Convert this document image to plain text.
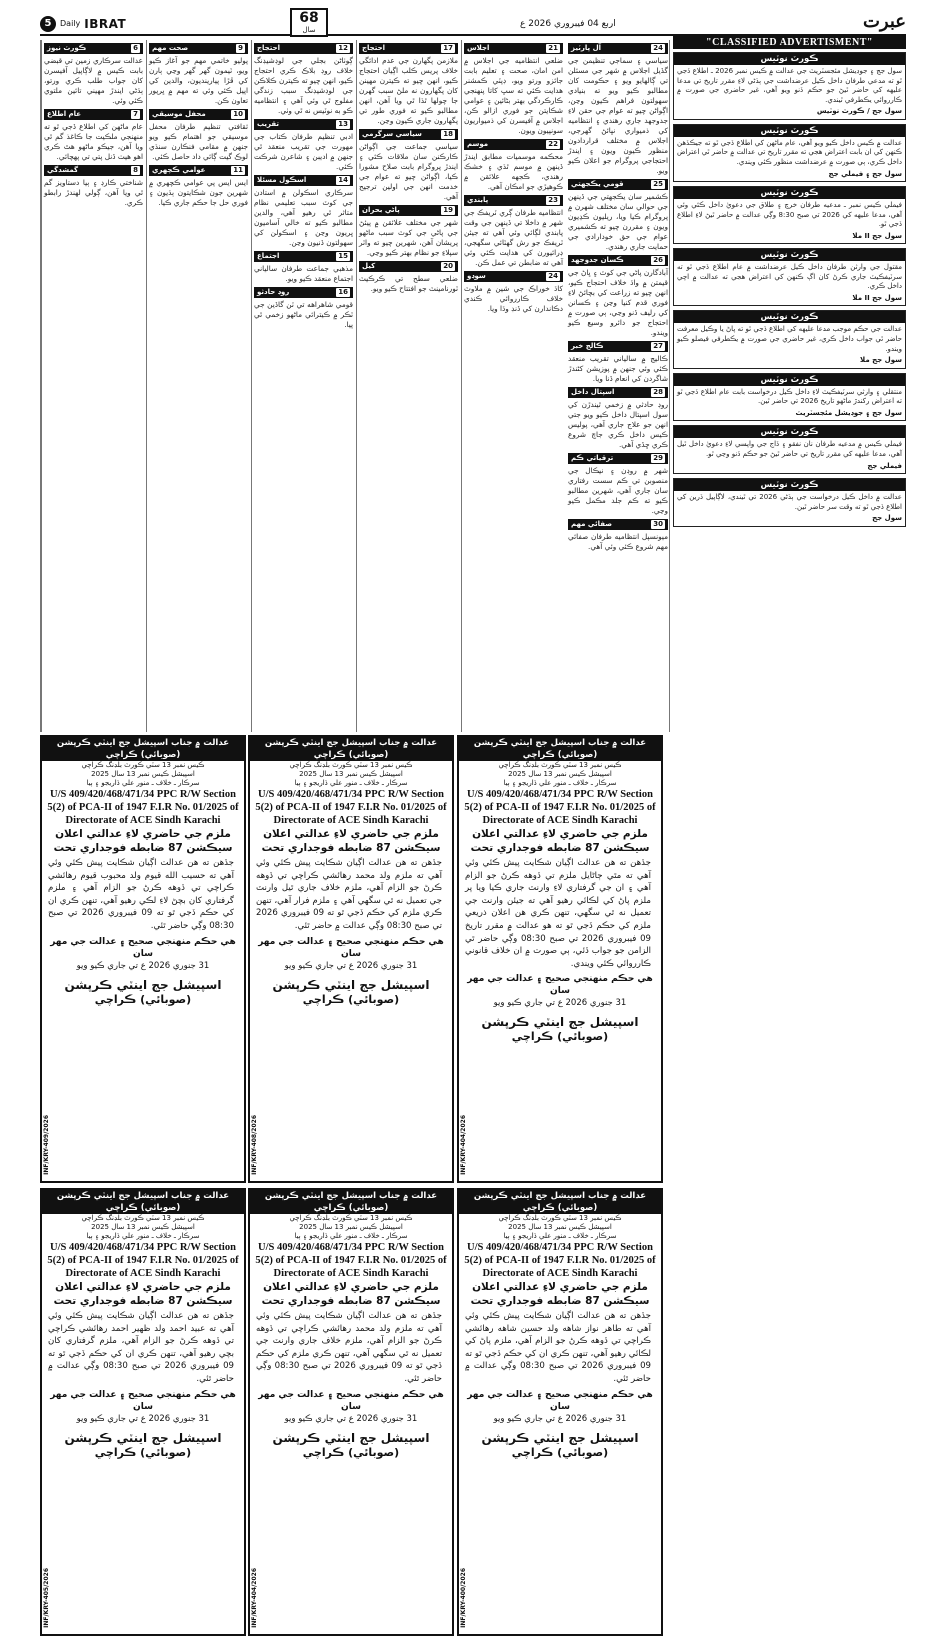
5	Daily IBRAT	68
سال
اربع 04 فيبروري 2026 ع	عبرت
"CLASSIFIED ADVERTISMENT"
24
آل پارٽيز
سياسي ۽ سماجي تنظيمن جي گڏيل اجلاس ۾ شهر جي مسئلن تي ڳالهايو ويو ۽ حڪومت کان مطالبو ڪيو ويو ته بنيادي سهولتون فراهم ڪيون وڃن، اڳواڻن چيو ته عوام جي حقن لاءِ جدوجهد جاري رهندي ۽ انتظاميه کي ذميواري نڀائڻ گهرجي، اجلاس ۾ مختلف قراردادون منظور ڪيون ويون ۽ ايندڙ احتجاجي پروگرام جو اعلان ڪيو ويو.
25
قومي يڪجهتي
ڪشمير سان يڪجهتي جي ڏينهن جي حوالي سان مختلف شهرن ۾ پروگرام ڪيا ويا، ريليون ڪڍيون ويون ۽ مقررن چيو ته ڪشميري عوام جي حق خودارادي جي حمايت جاري رهندي.
26
ڪسان جدوجهد
آبادگارن پاڻي جي کوٽ ۽ ڀاڻ جي قيمتن ۾ واڌ خلاف احتجاج ڪيو، انهن چيو ته زراعت کي بچائڻ لاءِ فوري قدم کنيا وڃن ۽ ڪسانن کي رليف ڏنو وڃي، ٻي صورت ۾ احتجاج جو دائرو وسيع ڪيو ويندو.
27
ڪالج خبر
ڪاليج ۾ سالياني تقريب منعقد ڪئي وئي جنهن ۾ پوزيشن کڻندڙ شاگردن کي انعام ڏنا ويا.
28
اسپتال داخل
روڊ حادثي ۾ زخمي ٿيندڙن کي سول اسپتال داخل ڪيو ويو جتي انهن جو علاج جاري آهي، پوليس ڪيس داخل ڪري جاچ شروع ڪري ڇڏي آهي.
29
ترقياتي ڪم
شهر ۾ روڊن ۽ نيڪال جي منصوبن تي ڪم سست رفتاري سان جاري آهي، شهرين مطالبو ڪيو ته ڪم جلد مڪمل ڪيو وڃي.
30
صفائي مهم
ميونسپل انتظاميه طرفان صفائي مهم شروع ڪئي وئي آهي.
21
اجلاس
ضلعي انتظاميه جي اجلاس ۾ امن امان، صحت ۽ تعليم بابت جائزو ورتو ويو، ڊپٽي ڪمشنر هدايت ڪئي ته سڀ کاتا پنهنجي ڪارڪردگي بهتر بڻائين ۽ عوامي شڪايتن جو فوري ازالو ڪن، اجلاس ۾ آفيسرن کي ذميواريون سونپيون ويون.
22
موسم
محڪمه موسميات مطابق ايندڙ ڏينهن ۾ موسم ٿڌي ۽ خشڪ رهندي، ڪجهه علائقن ۾ ڪوهيڙي جو امڪان آهي.
23
پابندي
انتظاميه طرفان ڳري ٽريفڪ جي شهر ۾ داخلا تي ڏينهن جي وقت پابندي لڳائي وئي آهي ته جيئن ٽريفڪ جو رش گهٽائي سگهجي، ڊرائيورن کي هدايت ڪئي وئي آهي ته ضابطن تي عمل ڪن.
24
سوڊو
کاڌ خوراڪ جي شين ۾ ملاوٽ خلاف ڪارروائي ڪندي دڪاندارن کي ڏنڊ وڌا ويا.
17
احتجاج
ملازمن پگهارن جي عدم ادائگي خلاف پريس ڪلب اڳيان احتجاج ڪيو، انهن چيو ته ڪيترن مهينن کان پگهارون نه ملڻ سبب گهرن جا چولها ٿڌا ٿي ويا آهن، انهن مطالبو ڪيو ته فوري طور تي پگهارون جاري ڪيون وڃن.
18
سياسي سرگرمي
سياسي جماعت جي اڳواڻن ڪارڪنن سان ملاقات ڪئي ۽ ايندڙ پروگرام بابت صلاح مشورا ڪيا، اڳواڻن چيو ته عوام جي خدمت انهن جي اولين ترجيح آهي.
19
پاڻي بحران
شهر جي مختلف علائقن ۾ پيئڻ جي پاڻي جي کوٽ سبب ماڻهو پريشان آهن، شهرين چيو ته واٽر سپلاءِ جو نظام بهتر ڪيو وڃي.
20
کيل
ضلعي سطح تي ڪرڪيٽ ٽورنامينٽ جو افتتاح ڪيو ويو.
12
احتجاج
ڳوٺاڻن بجلي جي لوڊشيڊنگ خلاف روڊ بلاڪ ڪري احتجاج ڪيو، انهن چيو ته ڪيترن ڪلاڪن جي لوڊشيڊنگ سبب زندگي مفلوج ٿي وئي آهي ۽ انتظاميه ڪو به نوٽيس نه ٿي وٺي.
13
تقريب
ادبي تنظيم طرفان ڪتاب جي مهورت جي تقريب منعقد ٿي جنهن ۾ اديبن ۽ شاعرن شرڪت ڪئي.
14
اسڪول مسئلا
سرڪاري اسڪولن ۾ استادن جي کوٽ سبب تعليمي نظام متاثر ٿي رهيو آهي، والدين مطالبو ڪيو ته خالي آساميون ڀريون وڃن ۽ اسڪولن کي سهولتون ڏنيون وڃن.
15
اجتماع
مذهبي جماعت طرفان سالياني اجتماع منعقد ڪيو ويو.
16
روڊ حادثو
قومي شاهراهه تي ٽن گاڏين جي ٽڪر ۾ ڪيترائي ماڻهو زخمي ٿي پيا.
9
صحت مهم
پوليو خاتمي مهم جو آغاز ڪيو ويو، ٽيمون گهر گهر وڃي ٻارن کي ڦڙا پيارينديون، والدين کي اپيل ڪئي وئي ته مهم ۾ ڀرپور تعاون ڪن.
10
محفل موسيقي
ثقافتي تنظيم طرفان محفل موسيقي جو اهتمام ڪيو ويو جنهن ۾ مقامي فنڪارن سنڌي لوڪ گيت ڳائي داد حاصل ڪئي.
11
عوامي ڪچهري
ايس ايس پي عوامي ڪچهري ۾ شهرين جون شڪايتون ٻڌيون ۽ فوري حل جا حڪم جاري ڪيا.
6
ڪورٽ نيوز
عدالت سرڪاري زمين تي قبضي بابت ڪيس ۾ لاڳاپيل آفيسرن کان جواب طلب ڪري ورتو، ٻڌڻي ايندڙ مهيني تائين ملتوي ڪئي وئي.
7
عام اطلاع
عام ماڻهن کي اطلاع ڏجي ٿو ته منهنجي ملڪيت جا ڪاغذ گم ٿي ويا آهن، جيڪو ماڻهو هٿ ڪري اهو هيٺ ڏنل پتي تي پهچائي.
8
گمشدگي
شناختي ڪارڊ ۽ ٻيا دستاويز گم ٿي ويا آهن، ڳولي لهندڙ رابطو ڪري.
ڪورٽ نوٽيس
سول جج ۽ جوڊيشل مئجسٽريٽ جي عدالت ۾ ڪيس نمبر 2026 ـ اطلاع ڏجي ٿو ته مدعي طرفان داخل ڪيل عرضداشت جي ٻڌڻي لاءِ مقرر تاريخ تي مدعا عليهه کي حاضر ٿيڻ جو حڪم ڏنو ويو آهي، غير حاضري جي صورت ۾ ڪارروائي يڪطرفي ٿيندي.
سول جج / ڪورٽ نوٽيس
ڪورٽ نوٽيس
عدالت ۾ ڪيس داخل ڪيو ويو آهي، عام ماڻهن کي اطلاع ڏجي ٿو ته جيڪڏهن ڪنهن کي ان بابت اعتراض هجي ته مقرر تاريخ تي عدالت ۾ حاضر ٿي اعتراض داخل ڪري، ٻي صورت ۾ عرضداشت منظور ڪئي ويندي.
سول جج ۽ فيملي جج
ڪورٽ نوٽيس
فيملي ڪيس نمبر ـ مدعيه طرفان خرچ ۽ طلاق جي دعويٰ داخل ڪئي وئي آهي، مدعا عليهه کي 2026 تي صبح 8:30 وڳي عدالت ۾ حاضر ٿيڻ لاءِ اطلاع ڏجي ٿو.
سول جج II ملا
ڪورٽ نوٽيس
مقتول جي وارثن طرفان داخل ڪيل عرضداشت ۾ عام اطلاع ڏجي ٿو ته سرٽيفڪيٽ جاري ڪرڻ کان اڳ ڪنهن کي اعتراض هجي ته عدالت ۾ اچي داخل ڪري.
سول جج II ملا
ڪورٽ نوٽيس
عدالت جي حڪم موجب مدعا عليهه کي اطلاع ڏجي ٿو ته پاڻ يا وڪيل معرفت حاضر ٿي جواب داخل ڪري، غير حاضري جي صورت ۾ يڪطرفي فيصلو ڪيو ويندو.
سول جج ملا
ڪورٽ نوٽيس
منتقلي ۽ وارثي سرٽيفڪيٽ لاءِ داخل ڪيل درخواست بابت عام اطلاع ڏجي ٿو ته اعتراض رکندڙ ماڻهو تاريخ 2026 تي حاضر ٿين.
سول جج ۽ جوڊيشل مئجسٽريٽ
ڪورٽ نوٽيس
فيملي ڪيس ۾ مدعيه طرفان نان نفقو ۽ ڏاج جي واپسي لاءِ دعويٰ داخل ٿيل آهي، مدعا عليهه کي مقرر تاريخ تي حاضر ٿيڻ جو حڪم ڏنو وڃي ٿو.
فيملي جج
ڪورٽ نوٽيس
عدالت ۾ داخل ڪيل درخواست جي ٻڌڻي 2026 تي ٿيندي، لاڳاپيل ڌرين کي اطلاع ڏجي ٿو ته وقت سر حاضر ٿين.
سول جج
عدالت ۾ جناب اسپيشل جج اينٽي ڪرپشن (صوبائي) ڪراچي
ڪيس نمبر 13 سٽي ڪورٽ بلڊنگ ڪراچي
اسپيشل ڪيس نمبر 13 سال 2025
سرڪار ـ خلاف ـ منور علي ڏاريجو ۽ ٻيا
U/S 409/420/468/471/34 PPC R/W Section 5(2) of PCA-II of 1947 F.I.R No. 01/2025 of Directorate of ACE Sindh Karachi
ملزم جي حاضري لاءِ عدالتي اعلان
سيڪشن 87 ضابطه فوجداري تحت
جڏهن ته هن عدالت اڳيان شڪايت پيش ڪئي وئي آهي ته مٿي ڄاڻايل ملزم تي ڏوهه ڪرڻ جو الزام آهي ۽ ان جي گرفتاري لاءِ وارنٽ جاري ڪيا ويا پر ملزم پاڻ کي لڪائي رهيو آهي ته جيئن وارنٽ جي تعميل نه ٿي سگهي، تنهن ڪري هن اعلان ذريعي ملزم کي حڪم ڏجي ٿو ته هو عدالت ۾ مقرر تاريخ 09 فيبروري 2026 تي صبح 08:30 وڳي حاضر ٿي الزامن جو جواب ڏئي، ٻي صورت ۾ ان خلاف قانوني ڪارروائي ڪئي ويندي.
هي حڪم منهنجي صحيح ۽ عدالت جي مهر سان
31 جنوري 2026 ع تي جاري ڪيو ويو
اسپيشل جج اينٽي ڪرپشن
(صوبائي) ڪراچي
INF/KRY-404/2026
عدالت ۾ جناب اسپيشل جج اينٽي ڪرپشن (صوبائي) ڪراچي
ڪيس نمبر 13 سٽي ڪورٽ بلڊنگ ڪراچي
اسپيشل ڪيس نمبر 13 سال 2025
سرڪار ـ خلاف ـ منور علي ڏاريجو ۽ ٻيا
U/S 409/420/468/471/34 PPC R/W Section 5(2) of PCA-II of 1947 F.I.R No. 01/2025 of Directorate of ACE Sindh Karachi
ملزم جي حاضري لاءِ عدالتي اعلان
سيڪشن 87 ضابطه فوجداري تحت
جڏهن ته هن عدالت اڳيان شڪايت پيش ڪئي وئي آهي ته ملزم ولد محمد رهائشي ڪراچي تي ڏوهه ڪرڻ جو الزام آهي، ملزم خلاف جاري ٿيل وارنٽ جي تعميل نه ٿي سگهي آهي ۽ ملزم فرار آهي، تنهن ڪري ملزم کي حڪم ڏجي ٿو ته 09 فيبروري 2026 تي صبح 08:30 وڳي عدالت ۾ حاضر ٿئي.
هي حڪم منهنجي صحيح ۽ عدالت جي مهر سان
31 جنوري 2026 ع تي جاري ڪيو ويو
اسپيشل جج اينٽي ڪرپشن
(صوبائي) ڪراچي
INF/KRY-408/2026
عدالت ۾ جناب اسپيشل جج اينٽي ڪرپشن (صوبائي) ڪراچي
ڪيس نمبر 13 سٽي ڪورٽ بلڊنگ ڪراچي
اسپيشل ڪيس نمبر 13 سال 2025
سرڪار ـ خلاف ـ منور علي ڏاريجو ۽ ٻيا
U/S 409/420/468/471/34 PPC R/W Section 5(2) of PCA-II of 1947 F.I.R No. 01/2025 of Directorate of ACE Sindh Karachi
ملزم جي حاضري لاءِ عدالتي اعلان
سيڪشن 87 ضابطه فوجداري تحت
جڏهن ته هن عدالت اڳيان شڪايت پيش ڪئي وئي آهي ته حسيب الله قيوم ولد محبوب قيوم رهائشي ڪراچي تي ڏوهه ڪرڻ جو الزام آهي ۽ ملزم گرفتاري کان بچڻ لاءِ لڪي رهيو آهي، تنهن ڪري ان کي حڪم ڏجي ٿو ته 09 فيبروري 2026 تي صبح 08:30 وڳي حاضر ٿئي.
هي حڪم منهنجي صحيح ۽ عدالت جي مهر سان
31 جنوري 2026 ع تي جاري ڪيو ويو
اسپيشل جج اينٽي ڪرپشن
(صوبائي) ڪراچي
INF/KRY-409/2026
عدالت ۾ جناب اسپيشل جج اينٽي ڪرپشن (صوبائي) ڪراچي
ڪيس نمبر 13 سٽي ڪورٽ بلڊنگ ڪراچي
اسپيشل ڪيس نمبر 13 سال 2025
سرڪار ـ خلاف ـ منور علي ڏاريجو ۽ ٻيا
U/S 409/420/468/471/34 PPC R/W Section 5(2) of PCA-II of 1947 F.I.R No. 01/2025 of Directorate of ACE Sindh Karachi
ملزم جي حاضري لاءِ عدالتي اعلان
سيڪشن 87 ضابطه فوجداري تحت
جڏهن ته هن عدالت اڳيان شڪايت پيش ڪئي وئي آهي ته طاهر نواز شاهه ولد حسين شاهه رهائشي ڪراچي تي ڏوهه ڪرڻ جو الزام آهي، ملزم پاڻ کي لڪائي رهيو آهي، تنهن ڪري ان کي حڪم ڏجي ٿو ته 09 فيبروري 2026 تي صبح 08:30 وڳي عدالت ۾ حاضر ٿئي.
هي حڪم منهنجي صحيح ۽ عدالت جي مهر سان
31 جنوري 2026 ع تي جاري ڪيو ويو
اسپيشل جج اينٽي ڪرپشن
(صوبائي) ڪراچي
INF/KRY-400/2026
عدالت ۾ جناب اسپيشل جج اينٽي ڪرپشن (صوبائي) ڪراچي
ڪيس نمبر 13 سٽي ڪورٽ بلڊنگ ڪراچي
اسپيشل ڪيس نمبر 13 سال 2025
سرڪار ـ خلاف ـ منور علي ڏاريجو ۽ ٻيا
U/S 409/420/468/471/34 PPC R/W Section 5(2) of PCA-II of 1947 F.I.R No. 01/2025 of Directorate of ACE Sindh Karachi
ملزم جي حاضري لاءِ عدالتي اعلان
سيڪشن 87 ضابطه فوجداري تحت
جڏهن ته هن عدالت اڳيان شڪايت پيش ڪئي وئي آهي ته ملزم ولد محمد رهائشي ڪراچي تي ڏوهه ڪرڻ جو الزام آهي، ملزم خلاف جاري وارنٽ جي تعميل نه ٿي سگهي آهي، تنهن ڪري ملزم کي حڪم ڏجي ٿو ته 09 فيبروري 2026 تي صبح 08:30 وڳي حاضر ٿئي.
هي حڪم منهنجي صحيح ۽ عدالت جي مهر سان
31 جنوري 2026 ع تي جاري ڪيو ويو
اسپيشل جج اينٽي ڪرپشن
(صوبائي) ڪراچي
INF/KRY-404/2026
عدالت ۾ جناب اسپيشل جج اينٽي ڪرپشن (صوبائي) ڪراچي
ڪيس نمبر 13 سٽي ڪورٽ بلڊنگ ڪراچي
اسپيشل ڪيس نمبر 13 سال 2025
سرڪار ـ خلاف ـ منور علي ڏاريجو ۽ ٻيا
U/S 409/420/468/471/34 PPC R/W Section 5(2) of PCA-II of 1947 F.I.R No. 01/2025 of Directorate of ACE Sindh Karachi
ملزم جي حاضري لاءِ عدالتي اعلان
سيڪشن 87 ضابطه فوجداري تحت
جڏهن ته هن عدالت اڳيان شڪايت پيش ڪئي وئي آهي ته عبيد احمد ولد ظهير احمد رهائشي ڪراچي تي ڏوهه ڪرڻ جو الزام آهي، ملزم گرفتاري کان بچي رهيو آهي، تنهن ڪري ان کي حڪم ڏجي ٿو ته 09 فيبروري 2026 تي صبح 08:30 وڳي عدالت ۾ حاضر ٿئي.
هي حڪم منهنجي صحيح ۽ عدالت جي مهر سان
31 جنوري 2026 ع تي جاري ڪيو ويو
اسپيشل جج اينٽي ڪرپشن
(صوبائي) ڪراچي
INF/KRY-405/2026
